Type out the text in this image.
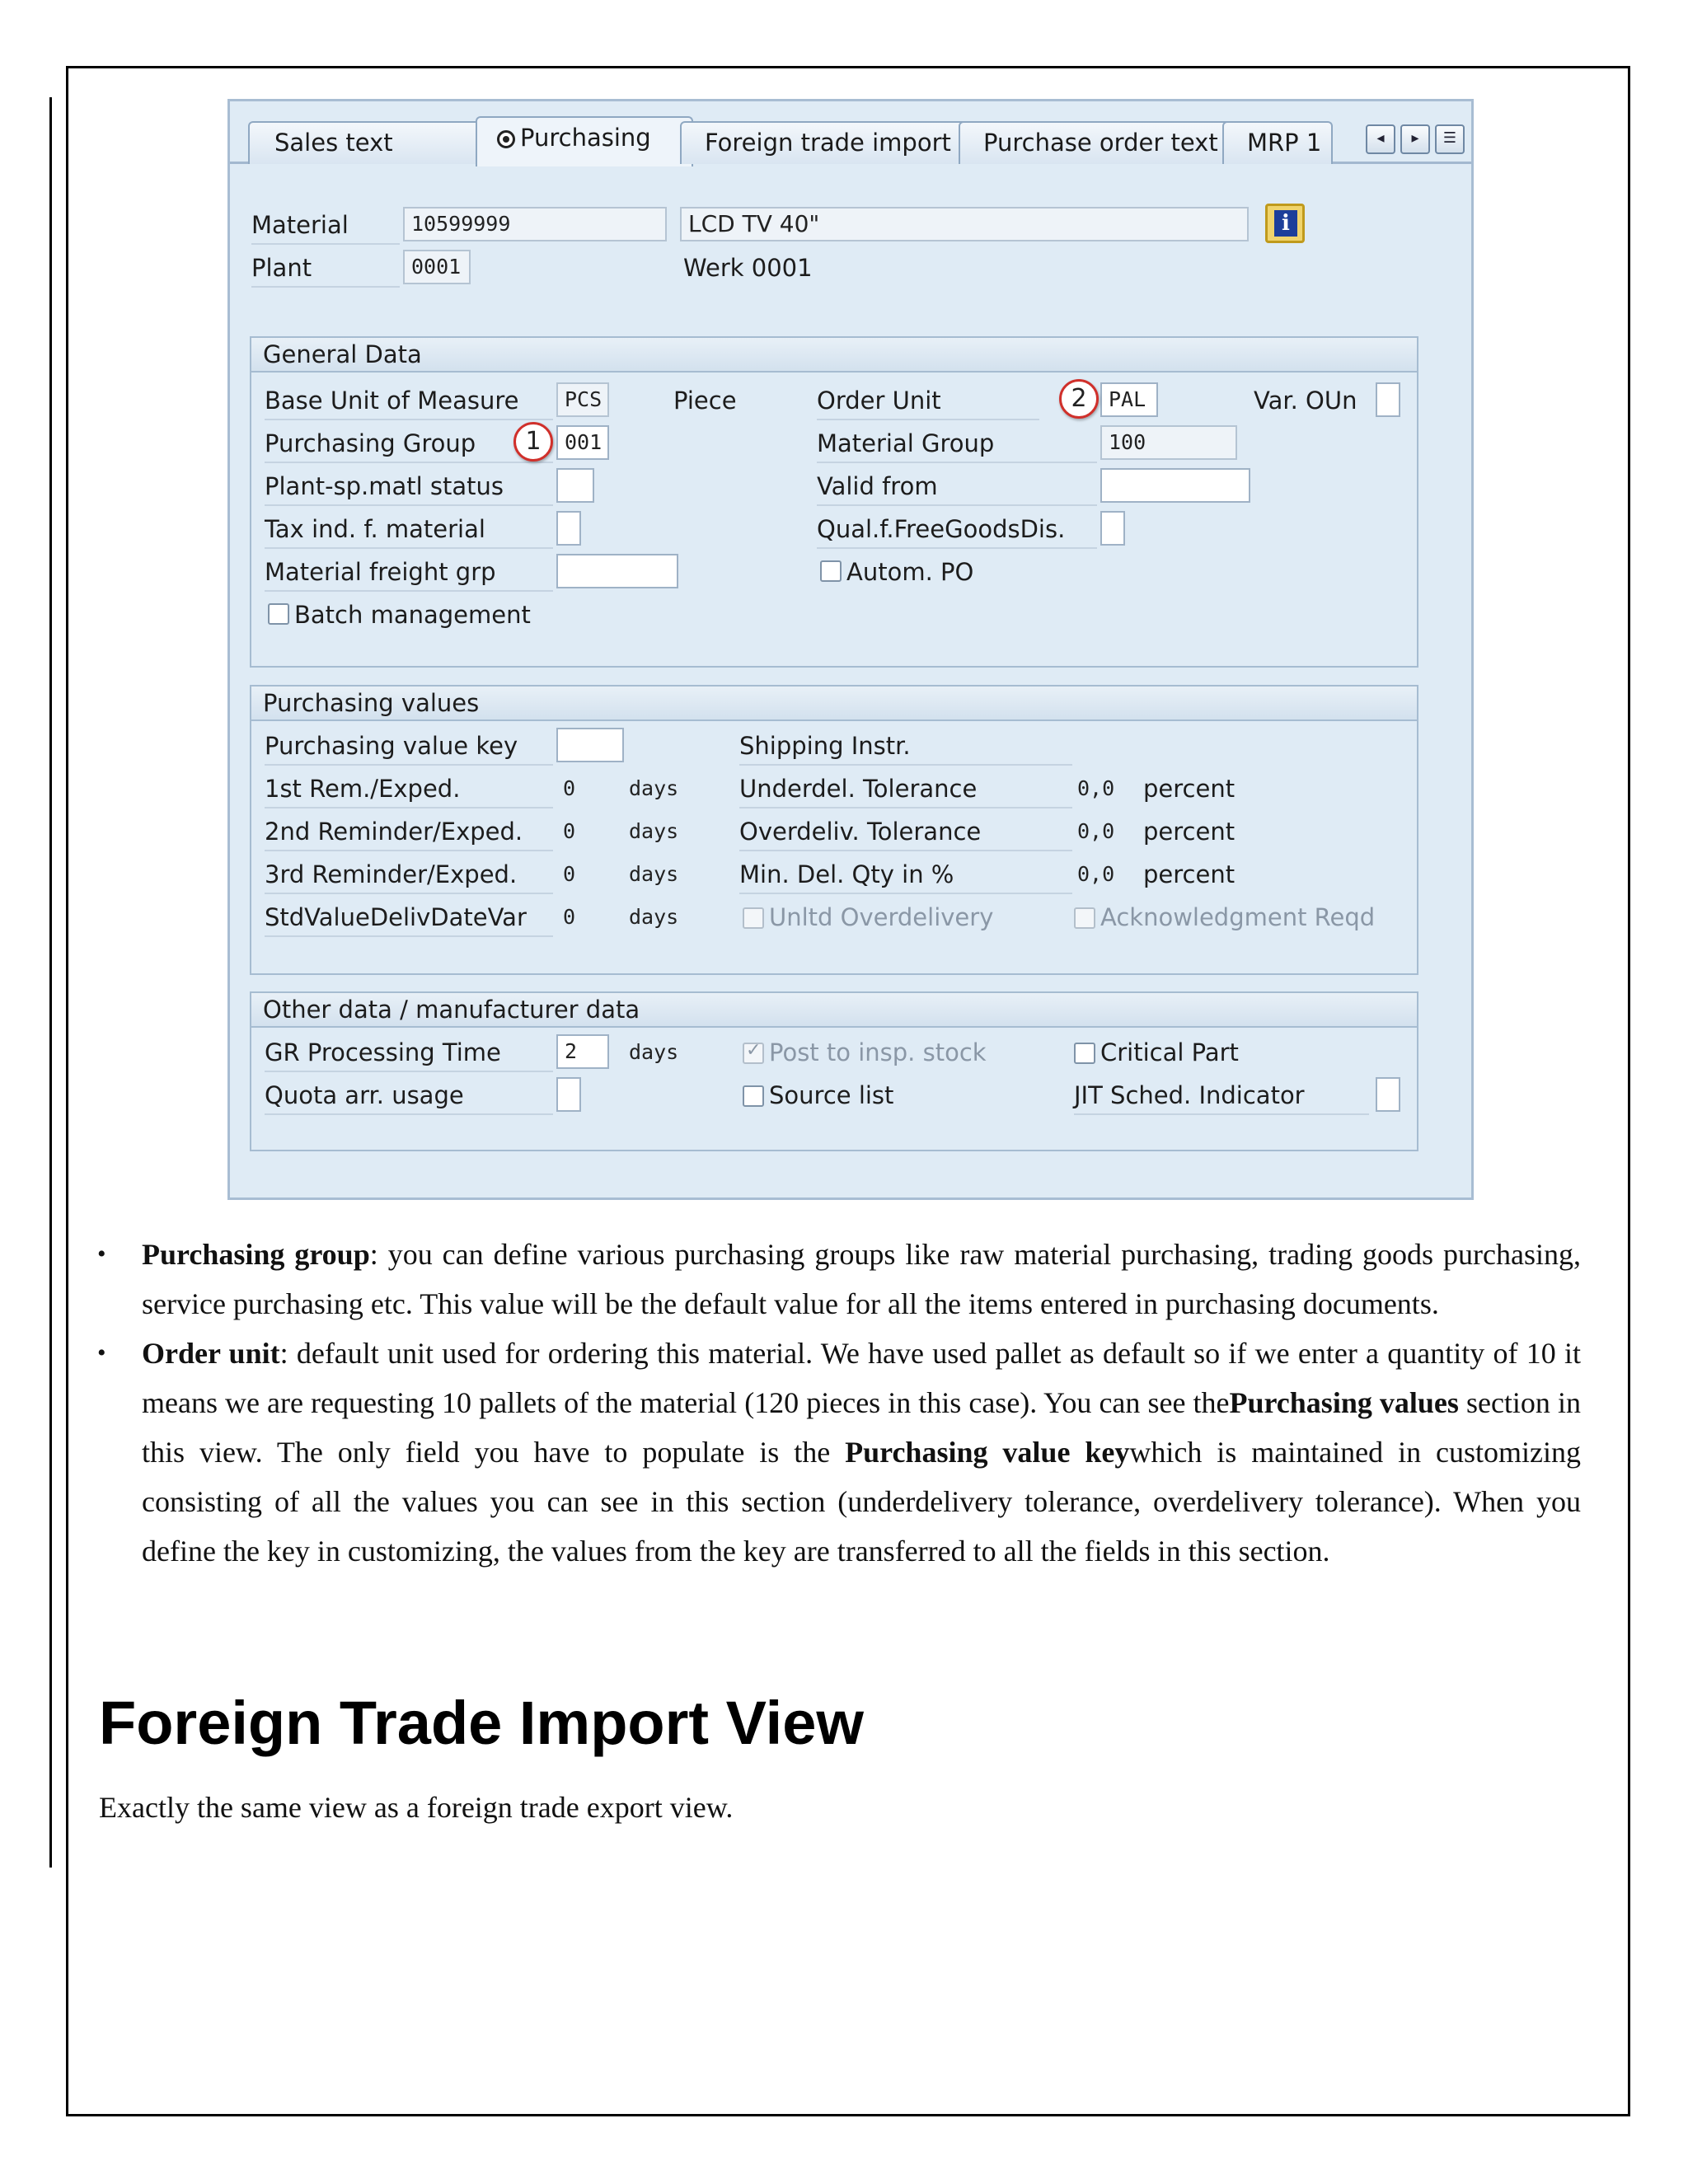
Sales text	Purchasing	Foreign trade import	Purchase order text	MRP 1	◂	▸	☰
Material	10599999	LCD TV 40"	i
Plant	0001	Werk 0001
General Data
Base Unit of Measure	PCS	Piece	Order Unit	PAL	Var. OUn
Purchasing Group	001	Material Group	100
Plant-sp.matl status	Valid from
Tax ind. f. material	Qual.f.FreeGoodsDis.
Material freight grp	Autom. PO
Batch management
1
2
Purchasing values
Purchasing value key	Shipping Instr.
1st Rem./Exped.	0	days	Underdel. Tolerance	0,0 percent
2nd Reminder/Exped. 0	days	Overdeliv. Tolerance	0,0 percent
3rd Reminder/Exped. 0	days	Min. Del. Qty in %	0,0 percent
StdValueDelivDateVar 0	days	Unltd Overdelivery	Acknowledgment Reqd
Other data / manufacturer data
GR Processing Time	2	days
✓	Post to insp. stock	Critical Part
Quota arr. usage	Source list	JIT Sched. Indicator
• Purchasing group: you can define various purchasing groups like raw material purchasing, trading goods purchasing, service purchasing etc. This value will be the default value for all the items entered in purchasing documents.
• Order unit: default unit used for ordering this material. We have used pallet as default so if we enter a quantity of 10 it means we are requesting 10 pallets of the material (120 pieces in this case). You can see thePurchasing values section in this view. The only field you have to populate is the Purchasing value keywhich is maintained in customizing consisting of all the values you can see in this section (underdelivery tolerance, overdelivery tolerance). When you define the key in customizing, the values from the key are transferred to all the fields in this section.
Foreign Trade Import View
Exactly the same view as a foreign trade export view.
